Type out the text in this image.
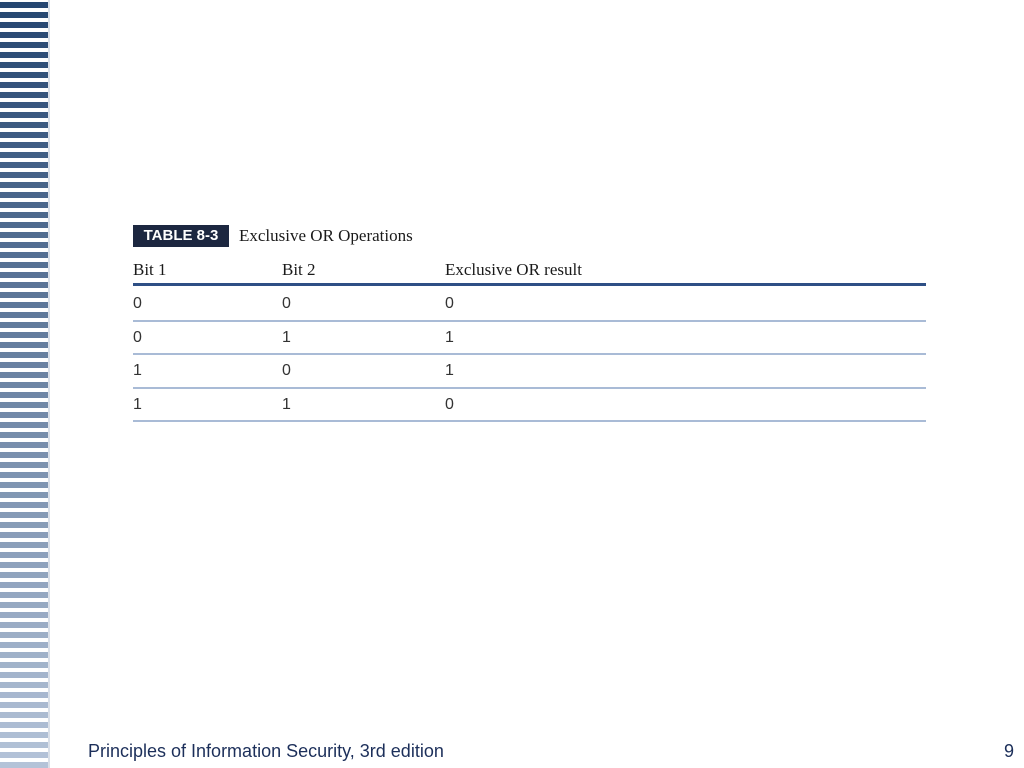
TABLE 8-3	Exclusive OR Operations
Bit 1	Bit 2	Exclusive OR result
0	0	0
0	1	1
1	0	1
1	1	0
Principles of Information Security, 3rd edition	9
